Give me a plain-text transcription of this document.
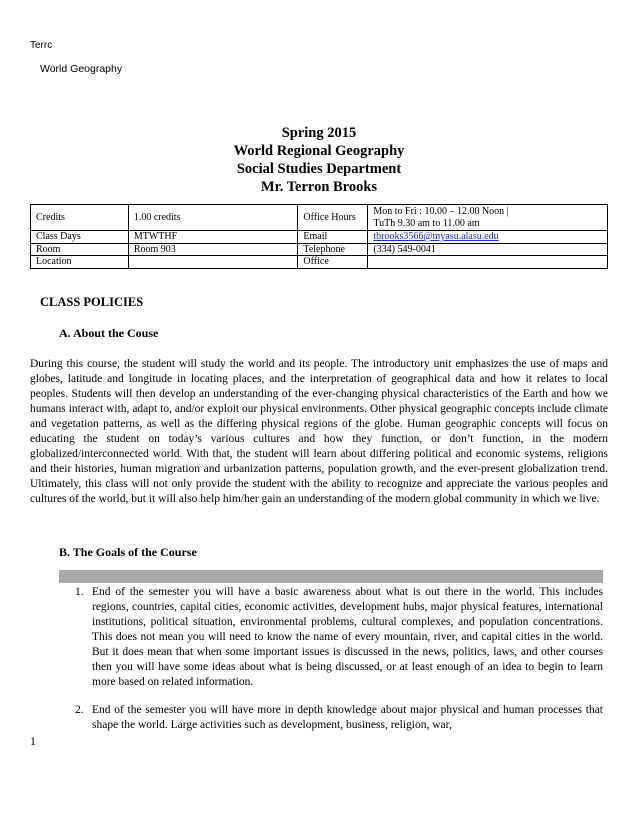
Terrc
World Geography
Spring 2015
World Regional Geography
Social Studies Department
Mr. Terron Brooks
Credits	1.00 credits	Office Hours	Mon to Fri : 10.00 – 12.00 Noon |
TuTh 9.30 am to 11.00 am

Class Days	MTWTHF	Email	tbrooks3566@myasu.alasu.edu
Room	Room 903	Telephone	(334) 549-0041
Location		Office	
CLASS POLICIES
A. About the Couse

During this course, the student will study the world and its people. The introductory unit emphasizes the use of maps and globes, latitude and longitude in locating places, and the interpretation of geographical data and how it relates to local peoples. Students will then develop an understanding of the ever-changing physical characteristics of the Earth and how we humans interact with, adapt to, and/or exploit our physical environments. Other physical geographic concepts include climate and vegetation patterns, as well as the differing physical regions of the globe. Human geographic concepts will focus on educating the student on today’s various cultures and how they function, or don’t function, in the modern globalized/interconnected world. With that, the student will learn about differing political and economic systems, religions and their histories, human migration and urbanization patterns, population growth, and the ever-present globalization trend. Ultimately, this class will not only provide the student with the ability to recognize and appreciate the various peoples and cultures of the world, but it will also help him/her gain an understanding of the modern global community in which we live.

B. The Goals of the Course
1. End of the semester you will have a basic awareness about what is out there in the world. This includes regions, countries, capital cities, economic activities, development hubs, major physical features, international institutions, political situation, environmental problems, cultural complexes, and population concentrations. This does not mean you will need to know the name of every mountain, river, and capital cities in the world. But it does mean that when some important issues is discussed in the news, politics, laws, and other courses then you will have some ideas about what is being discussed, or at least enough of an idea to begin to learn more based on related information.
2. End of the semester you will have more in depth knowledge about major physical and human processes that shape the world. Large activities such as development, business, religion, war,
1
